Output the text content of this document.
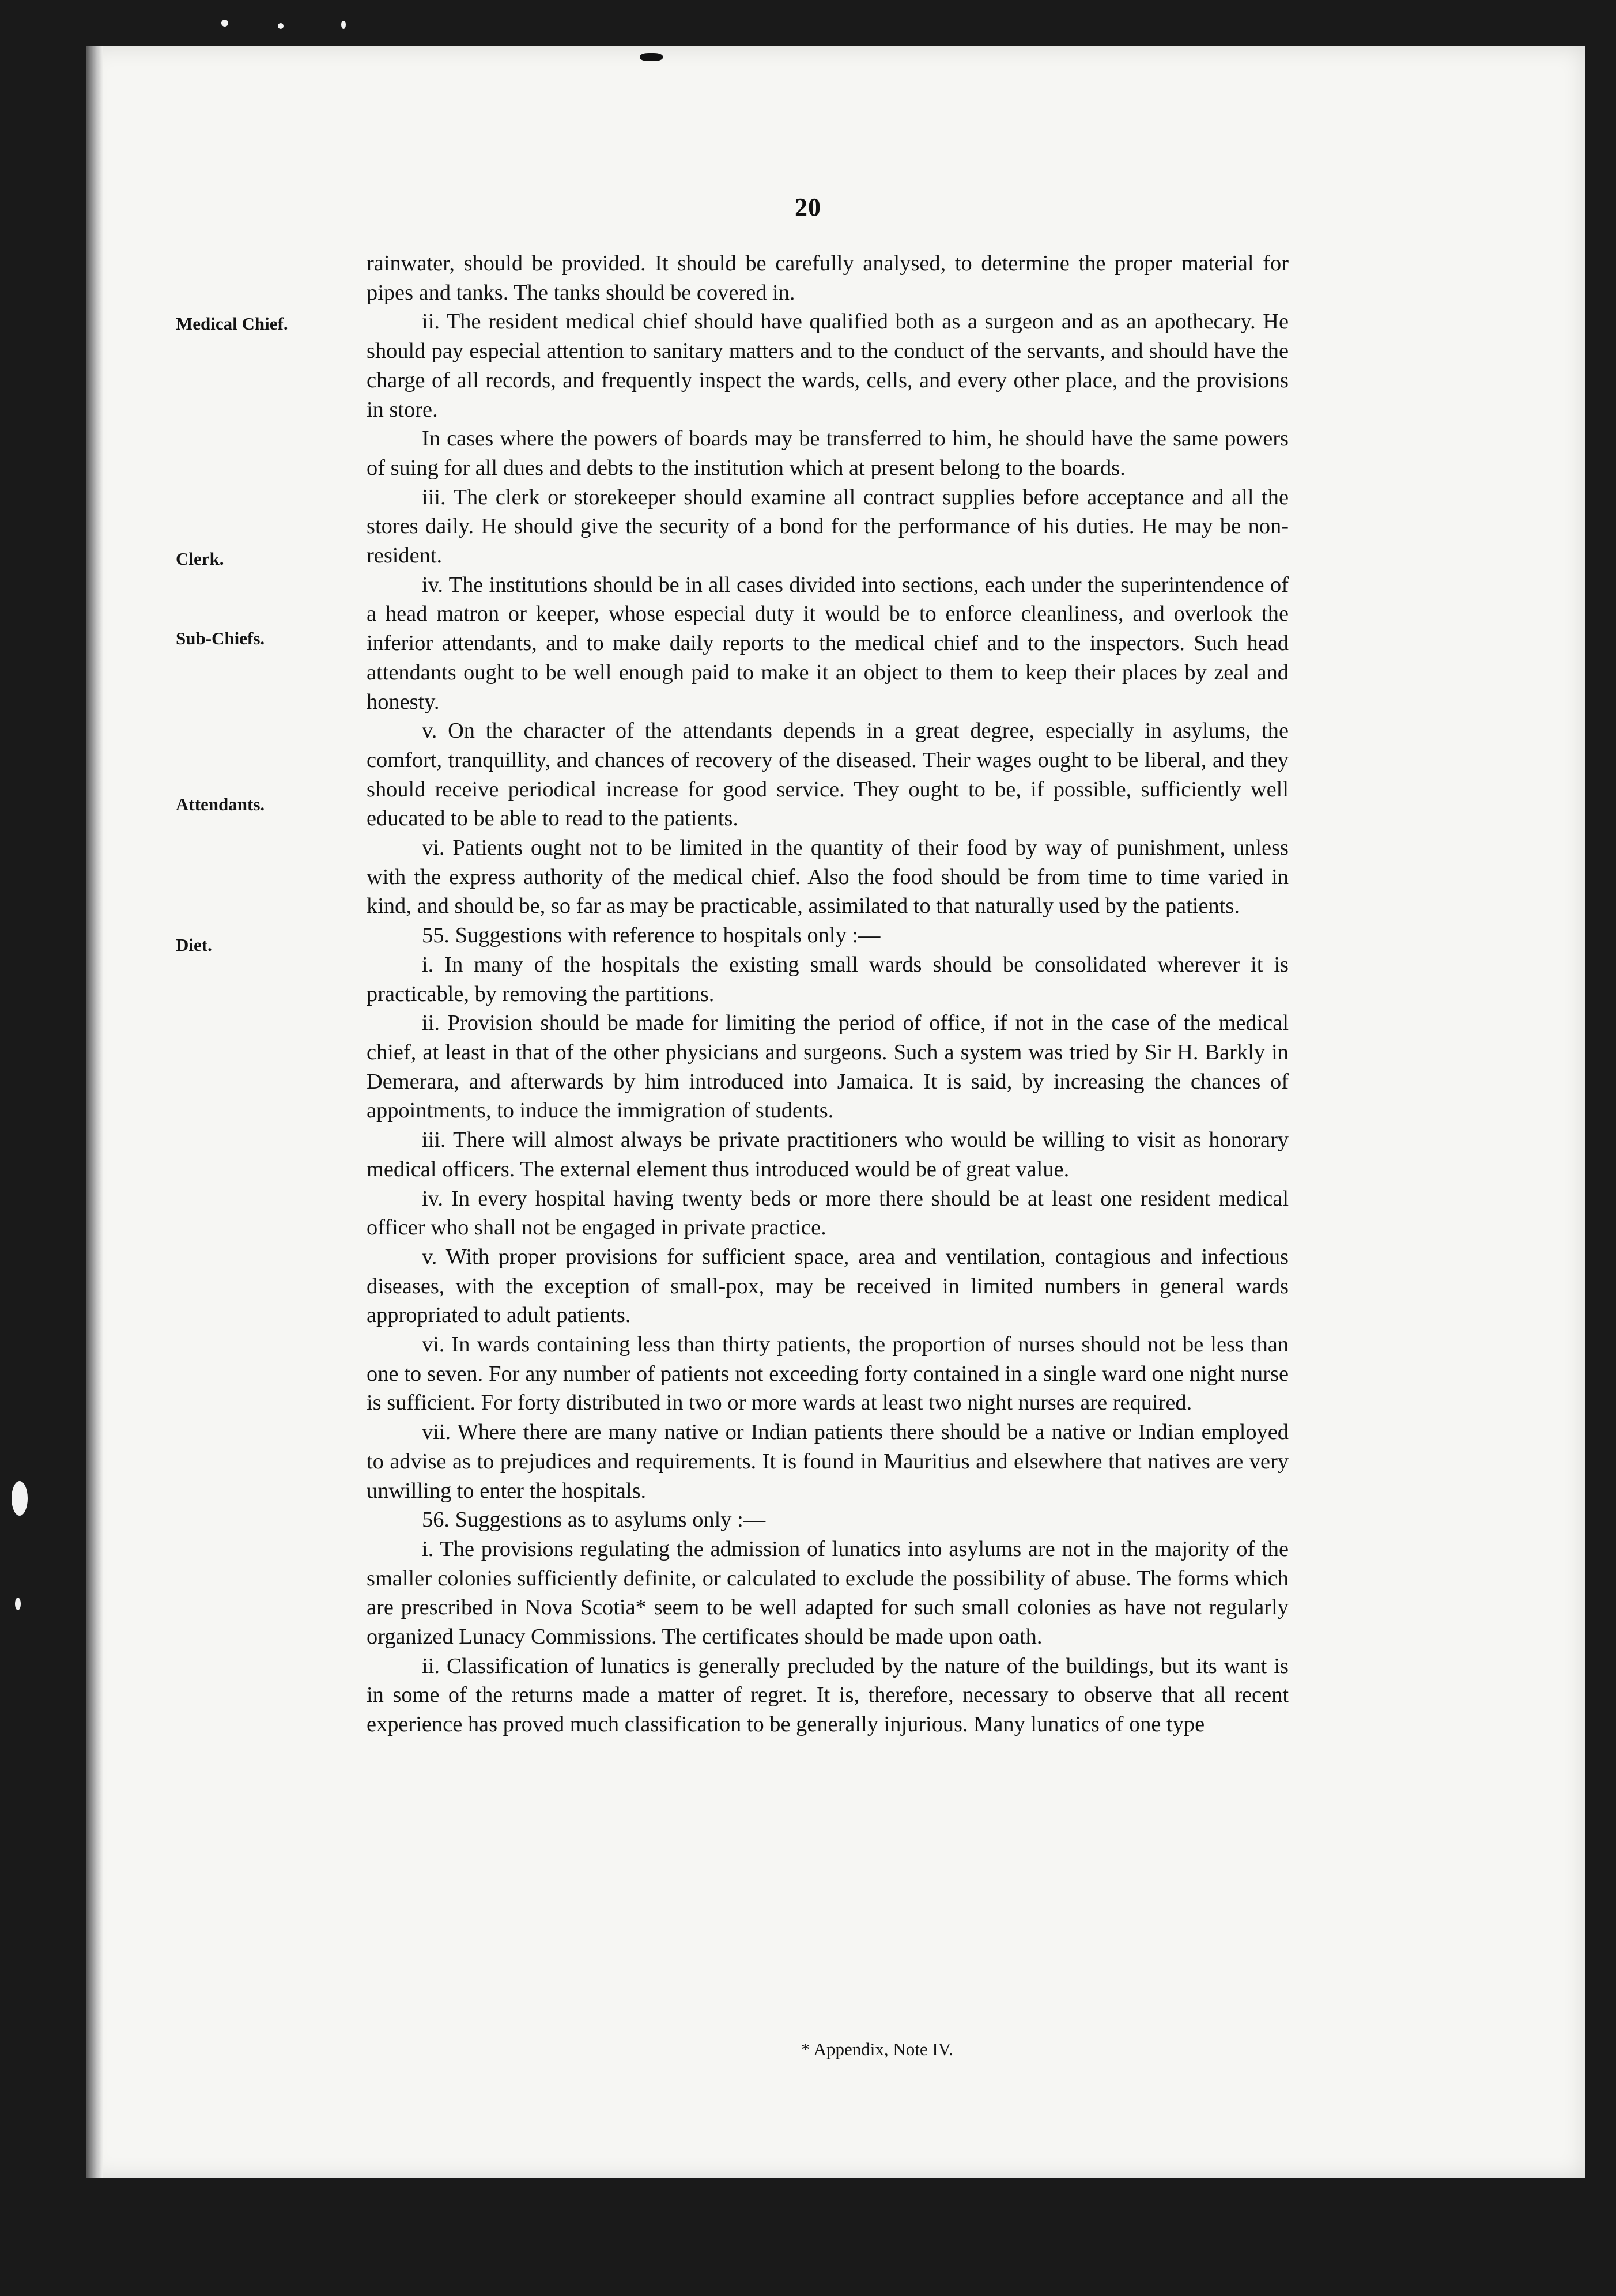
20
Medical Chief.
Clerk.
Sub-Chiefs.
Attendants.
Diet.

rainwater, should be provided. It should be carefully analysed, to determine the proper material for pipes and tanks. The tanks should be covered in.

ii. The resident medical chief should have qualified both as a surgeon and as an apothecary. He should pay especial attention to sanitary matters and to the conduct of the servants, and should have the charge of all records, and frequently inspect the wards, cells, and every other place, and the provisions in store.

In cases where the powers of boards may be transferred to him, he should have the same powers of suing for all dues and debts to the institution which at present belong to the boards.

iii. The clerk or storekeeper should examine all contract supplies before acceptance and all the stores daily. He should give the security of a bond for the performance of his duties. He may be non-resident.

iv. The institutions should be in all cases divided into sections, each under the superintendence of a head matron or keeper, whose especial duty it would be to enforce cleanliness, and overlook the inferior attendants, and to make daily reports to the medical chief and to the inspectors. Such head attendants ought to be well enough paid to make it an object to them to keep their places by zeal and honesty.

v. On the character of the attendants depends in a great degree, especially in asylums, the comfort, tranquillity, and chances of recovery of the diseased. Their wages ought to be liberal, and they should receive periodical increase for good service. They ought to be, if possible, sufficiently well educated to be able to read to the patients.

vi. Patients ought not to be limited in the quantity of their food by way of punishment, unless with the express authority of the medical chief. Also the food should be from time to time varied in kind, and should be, so far as may be practicable, assimilated to that naturally used by the patients.

55. Suggestions with reference to hospitals only :—

i. In many of the hospitals the existing small wards should be consolidated wherever it is practicable, by removing the partitions.

ii. Provision should be made for limiting the period of office, if not in the case of the medical chief, at least in that of the other physicians and surgeons. Such a system was tried by Sir H. Barkly in Demerara, and afterwards by him introduced into Jamaica. It is said, by increasing the chances of appointments, to induce the immigration of students.

iii. There will almost always be private practitioners who would be willing to visit as honorary medical officers. The external element thus introduced would be of great value.

iv. In every hospital having twenty beds or more there should be at least one resident medical officer who shall not be engaged in private practice.

v. With proper provisions for sufficient space, area and ventilation, contagious and infectious diseases, with the exception of small-pox, may be received in limited numbers in general wards appropriated to adult patients.

vi. In wards containing less than thirty patients, the proportion of nurses should not be less than one to seven. For any number of patients not exceeding forty contained in a single ward one night nurse is sufficient. For forty distributed in two or more wards at least two night nurses are required.

vii. Where there are many native or Indian patients there should be a native or Indian employed to advise as to prejudices and requirements. It is found in Mauritius and elsewhere that natives are very unwilling to enter the hospitals.

56. Suggestions as to asylums only :—

i. The provisions regulating the admission of lunatics into asylums are not in the majority of the smaller colonies sufficiently definite, or calculated to exclude the possibility of abuse. The forms which are prescribed in Nova Scotia* seem to be well adapted for such small colonies as have not regularly organized Lunacy Commissions. The certificates should be made upon oath.

ii. Classification of lunatics is generally precluded by the nature of the buildings, but its want is in some of the returns made a matter of regret. It is, therefore, necessary to observe that all recent experience has proved much classification to be generally injurious. Many lunatics of one type

* Appendix, Note IV.
